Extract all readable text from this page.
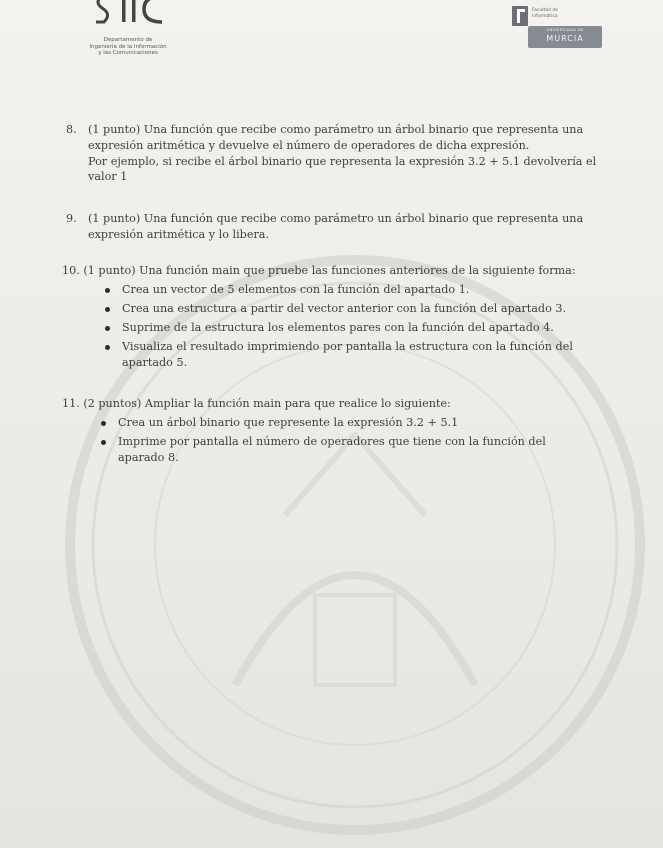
Departamento de
Ingeniería de la Información
y las Comunicaciones
Facultad de
Informática
UNIVERSIDAD DE
MURCIA
8. (1 punto) Una función que recibe como parámetro un árbol binario que representa una
expresión aritmética y devuelve el número de operadores de dicha expresión.
Por ejemplo, si recibe el árbol binario que representa la expresión 3.2 + 5.1 devolvería el
valor 1
9. (1 punto) Una función que recibe como parámetro un árbol binario que representa una
expresión aritmética y lo libera.
10. (1 punto) Una función main que pruebe las funciones anteriores de la siguiente forma:
Crea un vector de 5 elementos con la función del apartado 1.
Crea una estructura a partir del vector anterior con la función del apartado 3.
Suprime de la estructura los elementos pares con la función del apartado 4.
Visualiza el resultado imprimiendo por pantalla la estructura con la función del
apartado 5.
11. (2 puntos) Ampliar la función main para que realice lo siguiente:
Crea un árbol binario que represente la expresión 3.2 + 5.1
Imprime por pantalla el número de operadores que tiene con la función del
aparado 8.
